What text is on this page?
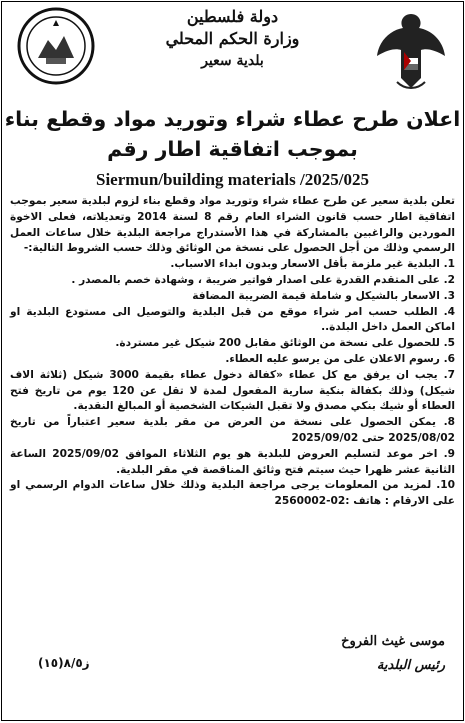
دولة فلسطين
وزارة الحكم المحلي
بلدية سعير
اعلان طرح عطاء شراء وتوريد مواد وقطع بناء
بموجب اتفاقية اطار رقم
Siermun/building materials /2025/025

تعلن بلدية سعير عن طرح عطاء شراء وتوريد مواد وقطع بناء لزوم لبلدية سعير بموجب اتفاقية اطار حسب قانون الشراء العام رقم 8 لسنة 2014 وتعديلاته، فعلى الاخوة الموردين والراغبين بالمشاركة في هذا الأستدراج مراجعة البلدية خلال ساعات العمل الرسمي وذلك من أجل الحصول على نسخة من الوثائق وذلك حسب الشروط التالية:-

1. البلدية غير ملزمة بأقل الاسعار وبدون ابداء الاسباب.
2. على المتقدم القدرة على اصدار فواتير ضريبة ، وشهادة خصم بالمصدر .
3. الاسعار بالشيكل و شاملة قيمة الضريبة المضافة
4. الطلب حسب امر شراء موقع من قبل البلدية والتوصيل الى مستودع البلدية او اماكن العمل داخل البلدة..
5. للحصول على نسخة من الوثائق مقابل 200 شيكل غير مستردة.
6. رسوم الاعلان على من يرسو عليه العطاء.
7. يجب ان يرفق مع كل عطاء «كفالة دخول عطاء بقيمة 3000 شيكل (ثلاثة الاف شيكل) وذلك بكفالة بنكية سارية المفعول لمدة لا تقل عن 120 يوم من تاريخ فتح العطاء أو شيك بنكي مصدق ولا تقبل الشيكات الشخصية أو المبالغ النقدية.
8. يمكن الحصول على نسخة من العرض من مقر بلدية سعير اعتباراً من تاريخ 2025/08/02 حتى 2025/09/02
9. اخر موعد لتسليم العروض للبلدية هو يوم الثلاثاء الموافق 2025/09/02 الساعة الثانية عشر ظهرا حيث سيتم فتح وثائق المناقصة في مقر البلدية.
10. لمزيد من المعلومات يرجى مراجعة البلدية وذلك خلال ساعات الدوام الرسمي او على الارقام : هاتف :02-2560002
موسى غيث الفروخ
رئيس البلدية
ز٨/٥(١٥)
